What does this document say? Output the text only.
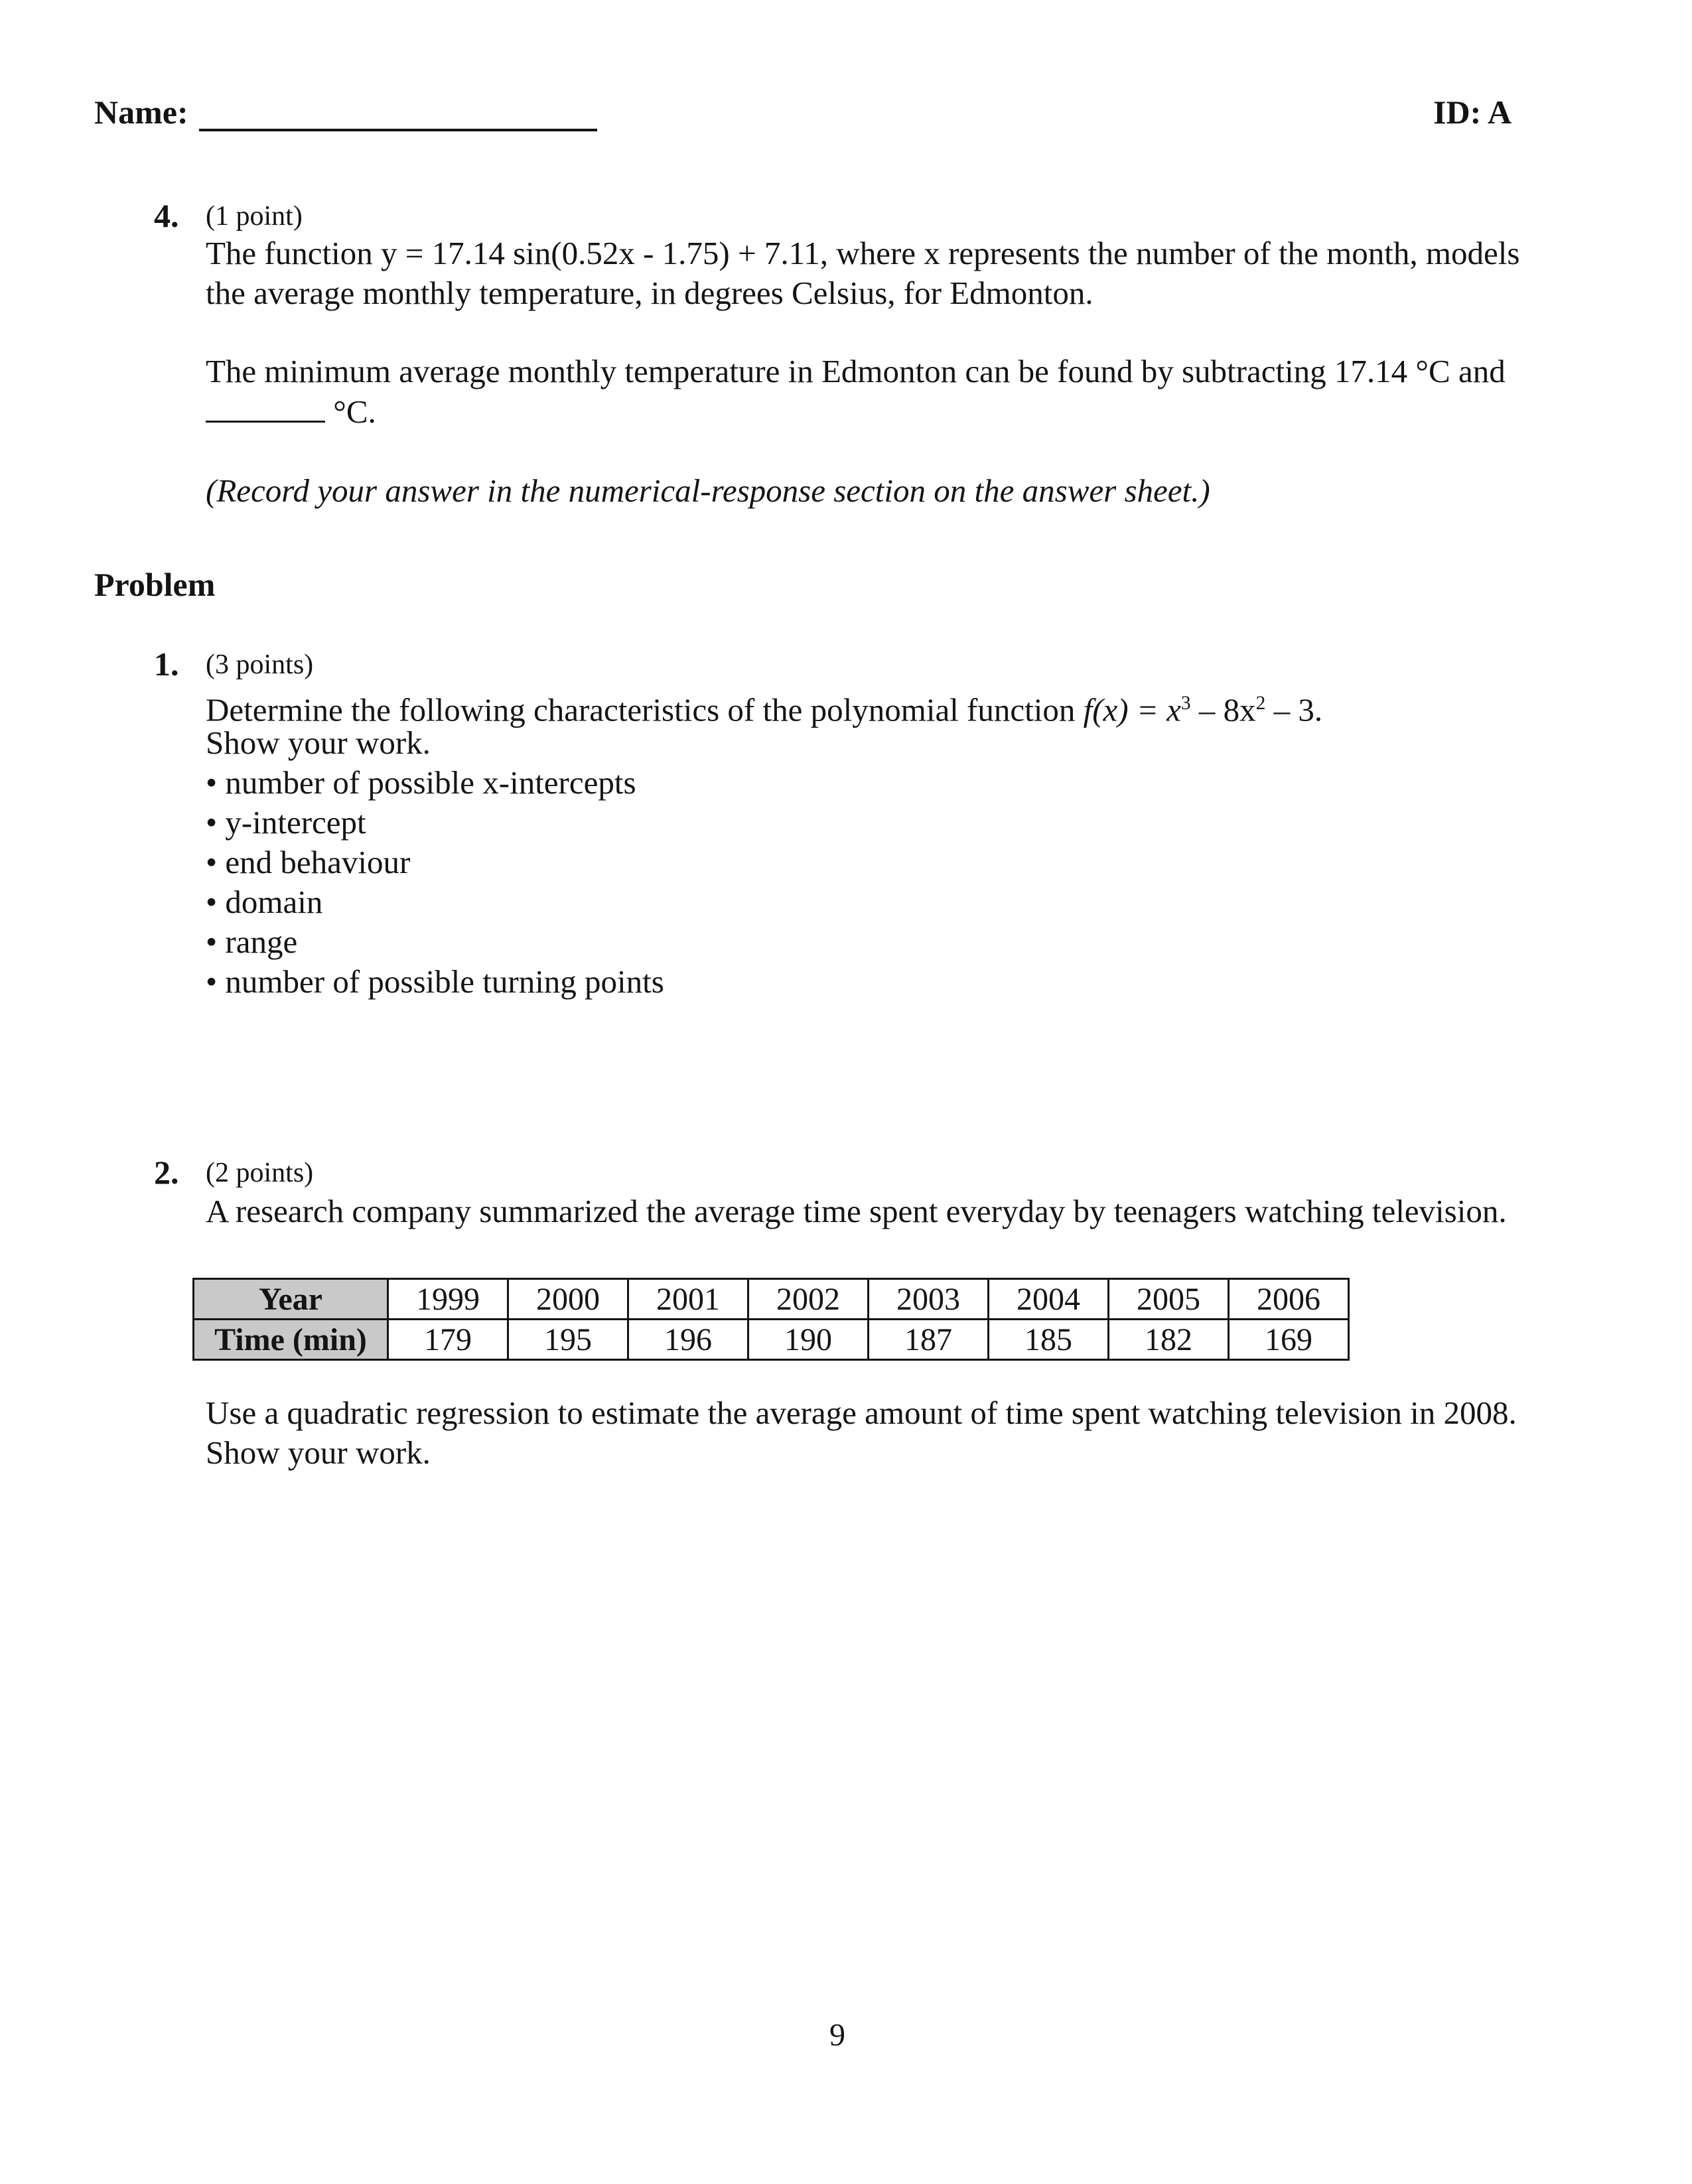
Name:	ID: A
4. (1 point)
The function y = 17.14 sin(0.52x - 1.75) + 7.11, where x represents the number of the month, models
the average monthly temperature, in degrees Celsius, for Edmonton.
The minimum average monthly temperature in Edmonton can be found by subtracting 17.14 °C and
°C.
(Record your answer in the numerical-response section on the answer sheet.)
Problem
1. (3 points)
Determine the following characteristics of the polynomial function $f(x) = x^3 - 8x^2 - 3$.
Show your work.
• number of possible x-intercepts
• y-intercept
• end behaviour
• domain
• range
• number of possible turning points
2. (2 points)
A research company summarized the average time spent everyday by teenagers watching television.
Year	1999	2000	2001	2002	2003	2004	2005	2006
Time (min)	179	195	196	190	187	185	182	169
Use a quadratic regression to estimate the average amount of time spent watching television in 2008.
Show your work.
9
